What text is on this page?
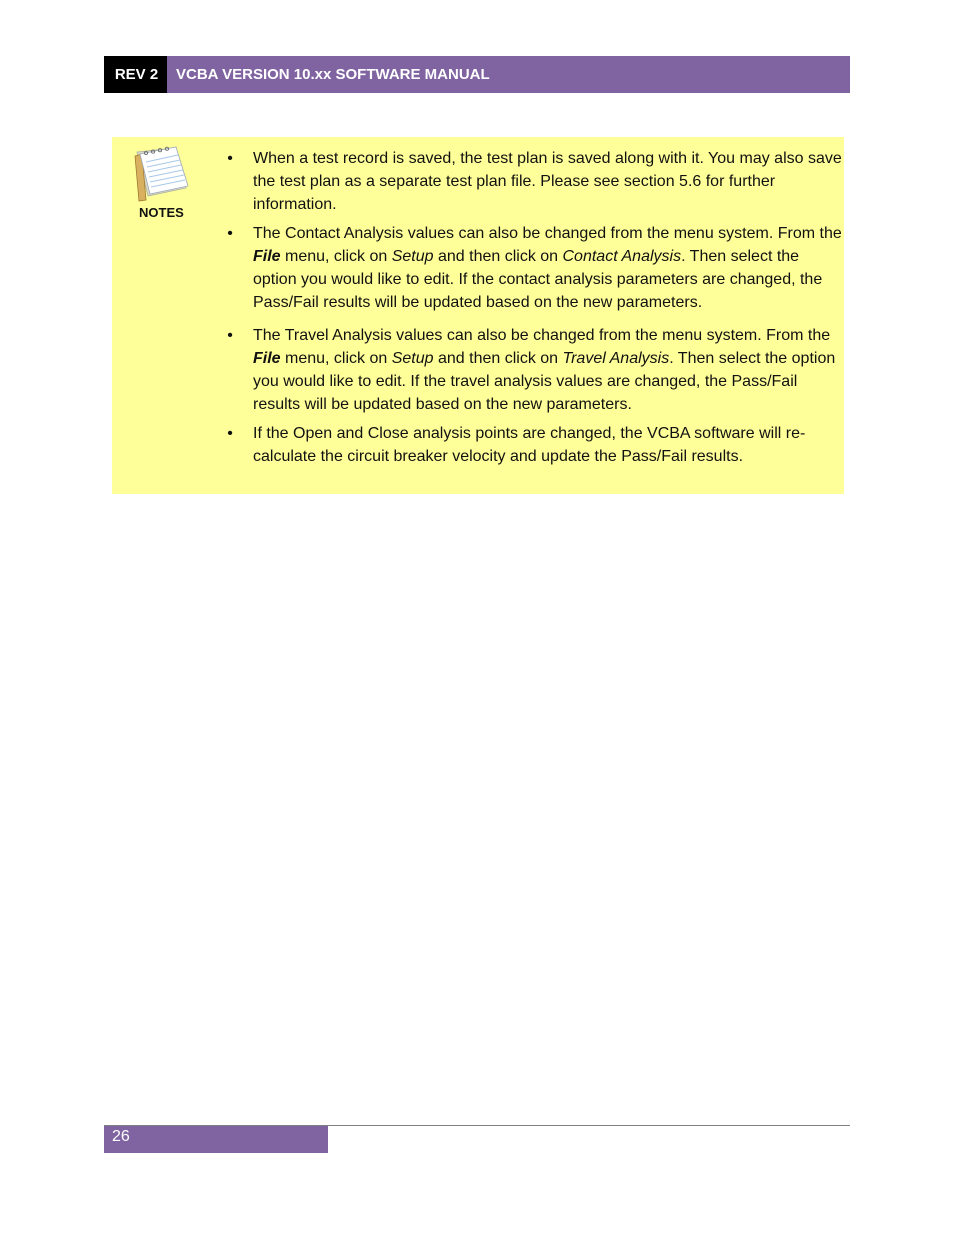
REV 2	VCBA VERSION 10.xx SOFTWARE MANUAL
NOTES
• When a test record is saved, the test plan is saved along with it. You may also save the test plan as a separate test plan file. Please see section 5.6 for further information.
• The Contact Analysis values can also be changed from the menu system. From the File menu, click on Setup and then click on Contact Analysis. Then select the option you would like to edit. If the contact analysis parameters are changed, the Pass/Fail results will be updated based on the new parameters.
• The Travel Analysis values can also be changed from the menu system. From the File menu, click on Setup and then click on Travel Analysis. Then select the option you would like to edit. If the travel analysis values are changed, the Pass/Fail results will be updated based on the new parameters.
• If the Open and Close analysis points are changed, the VCBA software will re-calculate the circuit breaker velocity and update the Pass/Fail results.
26
